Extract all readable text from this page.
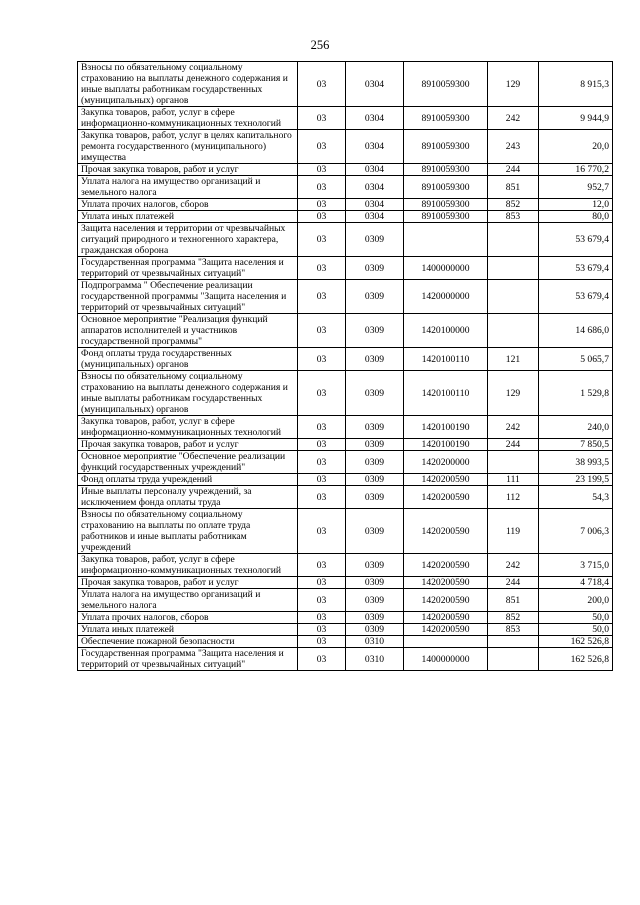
256
Взносы по обязательному социальному страхованию на выплаты денежного содержания и иные выплаты работникам государственных (муниципальных) органов	03	0304	8910059300	129	8 915,3
Закупка товаров, работ, услуг в сфере информационно-коммуникационных технологий	03	0304	8910059300	242	9 944,9
Закупка товаров, работ, услуг в целях капитального ремонта государственного (муниципального) имущества	03	0304	8910059300	243	20,0
Прочая закупка товаров, работ и услуг	03	0304	8910059300	244	16 770,2
Уплата налога на имущество организаций и земельного налога	03	0304	8910059300	851	952,7
Уплата прочих налогов, сборов	03	0304	8910059300	852	12,0
Уплата иных платежей	03	0304	8910059300	853	80,0
Защита населения и территории от чрезвычайных ситуаций природного и техногенного характера, гражданская оборона	03	0309			53 679,4
Государственная программа "Защита населения и территорий от чрезвычайных ситуаций"	03	0309	1400000000		53 679,4
Подпрограмма " Обеспечение реализации государственной программы "Защита населения и территорий от чрезвычайных ситуаций"	03	0309	1420000000		53 679,4
Основное мероприятие "Реализация функций аппаратов исполнителей и участников государственной программы"	03	0309	1420100000		14 686,0
Фонд оплаты труда государственных (муниципальных) органов	03	0309	1420100110	121	5 065,7
Взносы по обязательному социальному страхованию на выплаты денежного содержания и иные выплаты работникам государственных (муниципальных) органов	03	0309	1420100110	129	1 529,8
Закупка товаров, работ, услуг в сфере информационно-коммуникационных технологий	03	0309	1420100190	242	240,0
Прочая закупка товаров, работ и услуг	03	0309	1420100190	244	7 850,5
Основное мероприятие "Обеспечение реализации функций государственных учреждений"	03	0309	1420200000		38 993,5
Фонд оплаты труда учреждений	03	0309	1420200590	111	23 199,5
Иные выплаты персоналу учреждений, за исключением фонда оплаты труда	03	0309	1420200590	112	54,3
Взносы по обязательному социальному страхованию на выплаты по оплате труда работников и иные выплаты работникам учреждений	03	0309	1420200590	119	7 006,3
Закупка товаров, работ, услуг в сфере информационно-коммуникационных технологий	03	0309	1420200590	242	3 715,0
Прочая закупка товаров, работ и услуг	03	0309	1420200590	244	4 718,4
Уплата налога на имущество организаций и земельного налога	03	0309	1420200590	851	200,0
Уплата прочих налогов, сборов	03	0309	1420200590	852	50,0
Уплата иных платежей	03	0309	1420200590	853	50,0
Обеспечение пожарной безопасности	03	0310			162 526,8
Государственная программа "Защита населения и территорий от чрезвычайных ситуаций"	03	0310	1400000000		162 526,8
